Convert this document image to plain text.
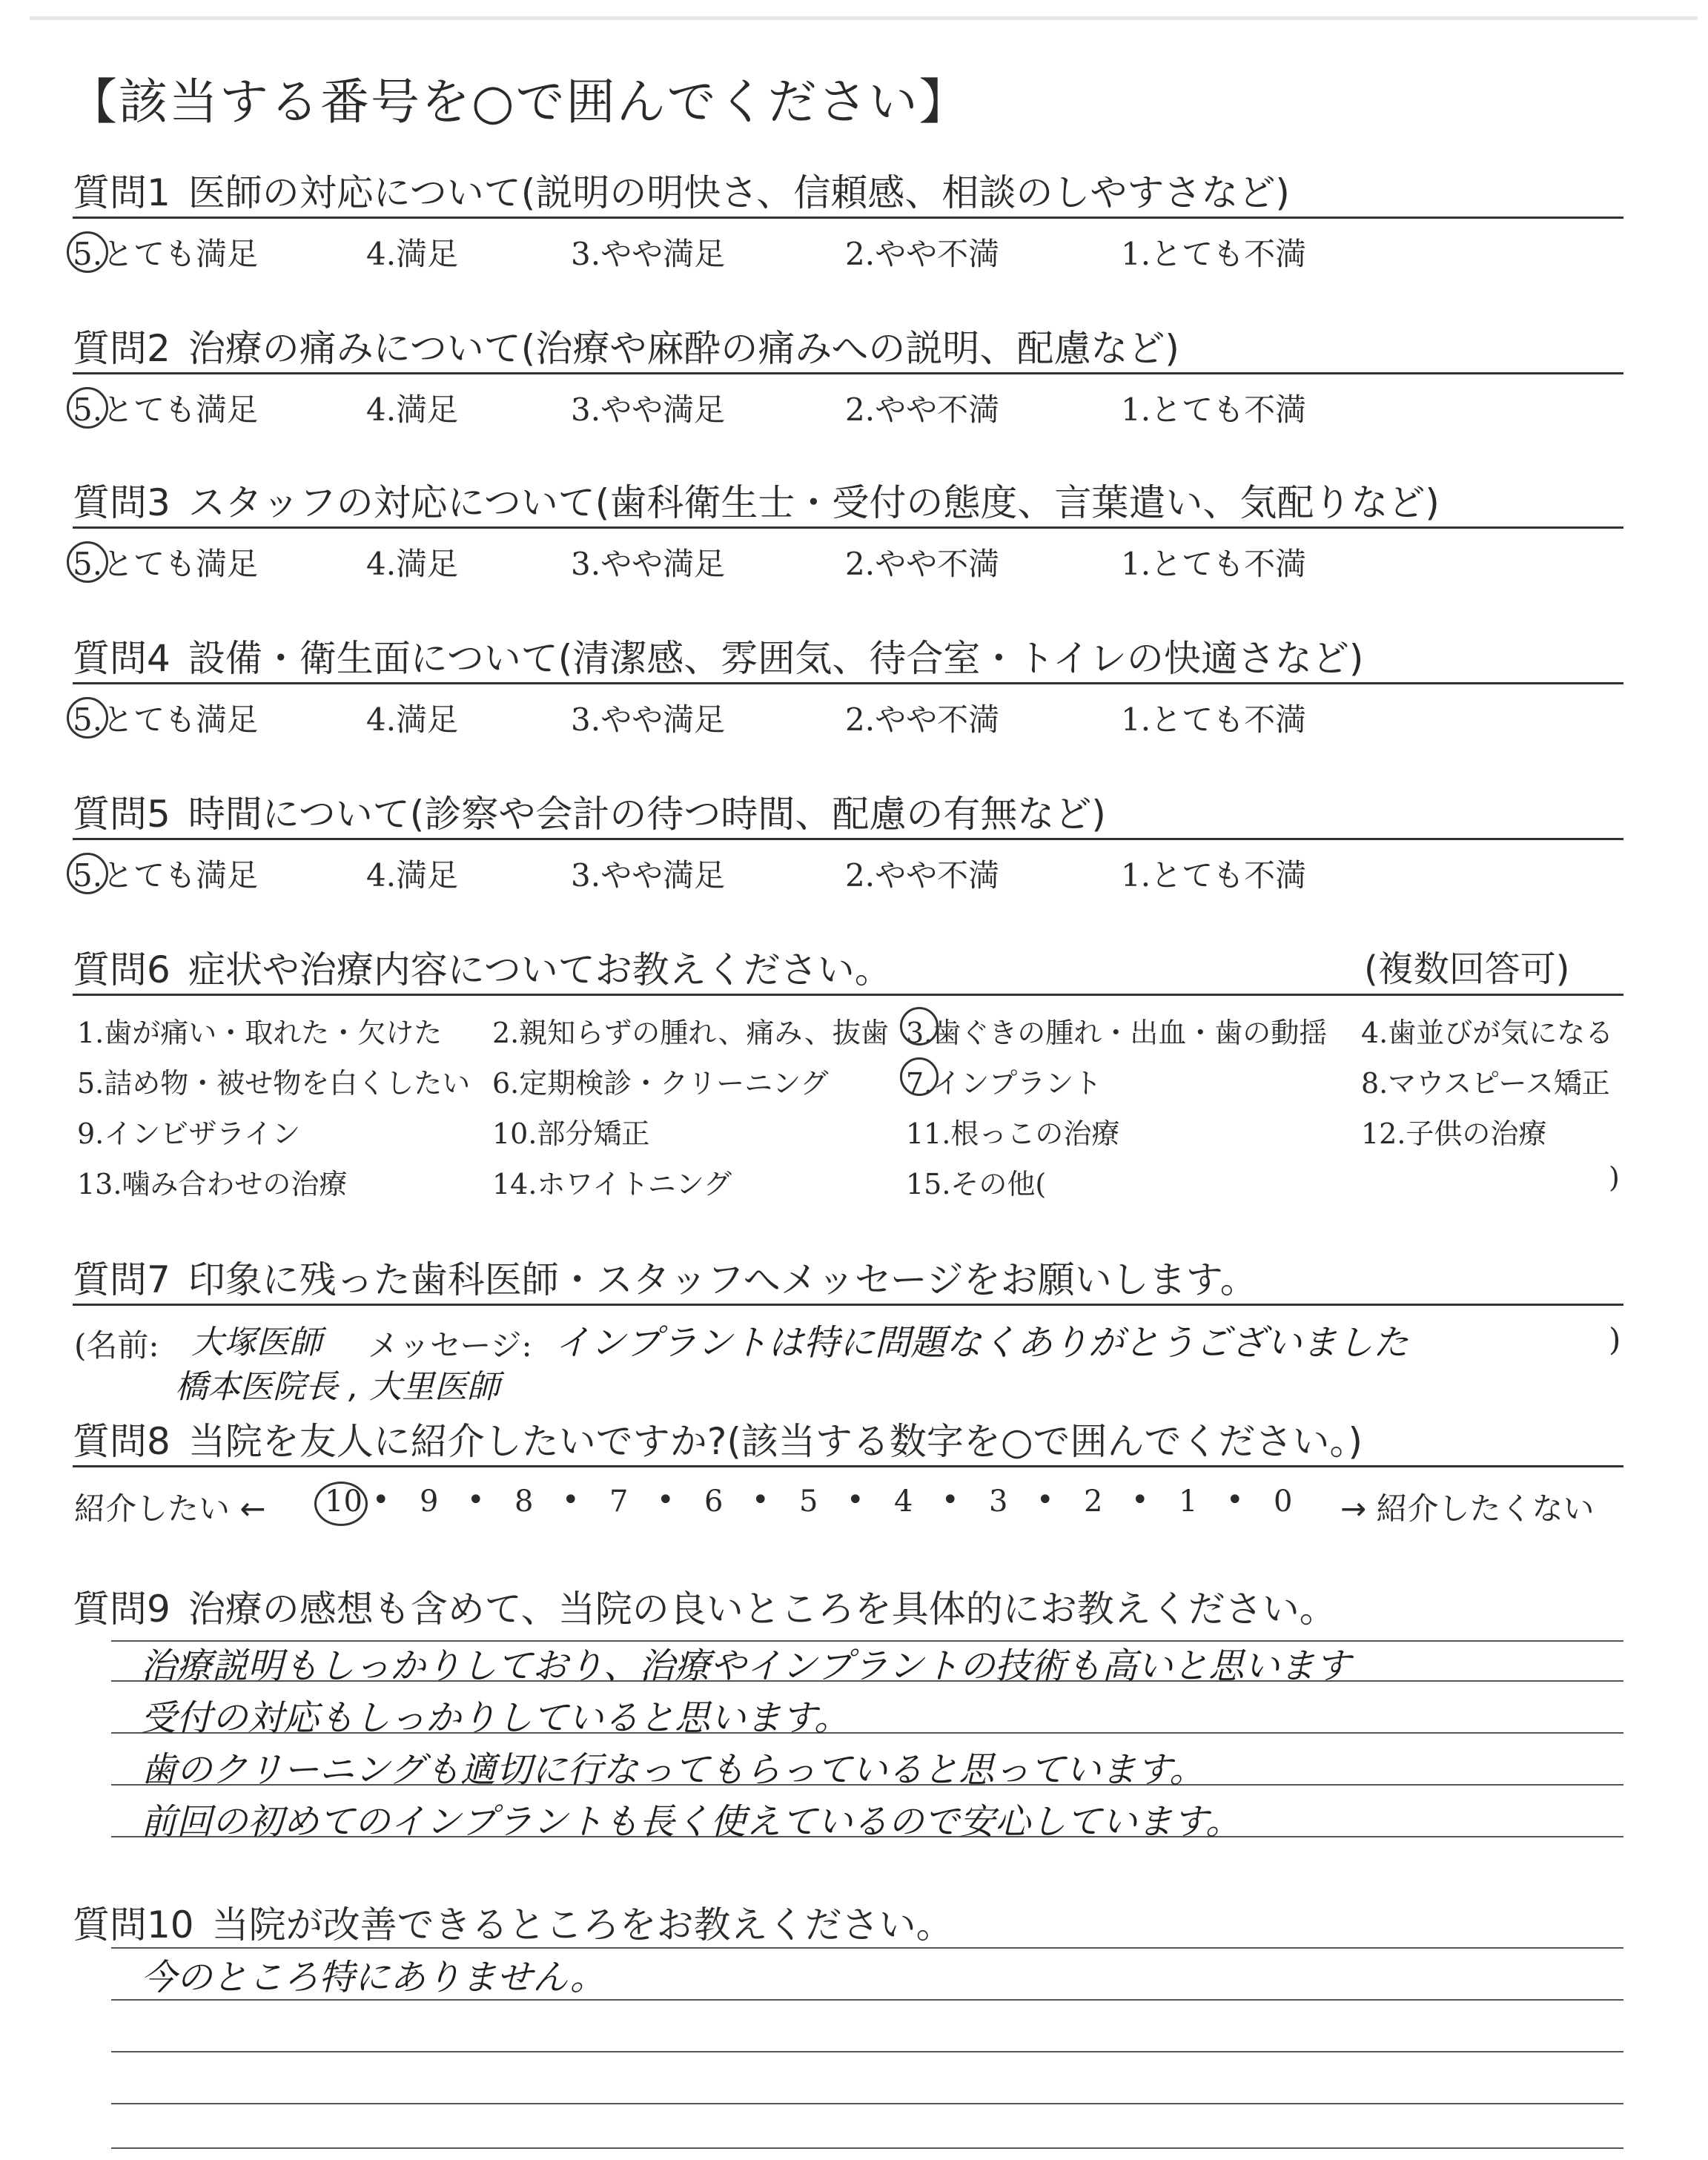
【該当する番号を○で囲んでください】
質問1 医師の対応について(説明の明快さ、信頼感、相談のしやすさなど)
5.とても満足	4.満足	3.やや満足	2.やや不満	1.とても不満
質問2 治療の痛みについて(治療や麻酔の痛みへの説明、配慮など)
5.とても満足	4.満足	3.やや満足	2.やや不満	1.とても不満
質問3 スタッフの対応について(歯科衛生士・受付の態度、言葉遣い、気配りなど)
5.とても満足	4.満足	3.やや満足	2.やや不満	1.とても不満
質問4 設備・衛生面について(清潔感、雰囲気、待合室・トイレの快適さなど)
5.とても満足	4.満足	3.やや満足	2.やや不満	1.とても不満
質問5 時間について(診察や会計の待つ時間、配慮の有無など)
5.とても満足	4.満足	3.やや満足	2.やや不満	1.とても不満
質問6 症状や治療内容についてお教えください。	(複数回答可)
1.歯が痛い・取れた・欠けた 2.親知らずの腫れ、痛み、抜歯 3.歯ぐきの腫れ・出血・歯の動揺 4.歯並びが気になる
5.詰め物・被せ物を白くしたい 6.定期検診・クリーニング	7.インプラント	8.マウスピース矯正
9.インビザライン	10.部分矯正	11.根っこの治療	12.子供の治療
13.噛み合わせの治療	14.ホワイトニング	15.その他(	)
質問7 印象に残った歯科医師・スタッフへメッセージをお願いします。
(名前: 大塚医師 メッセージ: インプラントは特に問題なくありがとうございました	)
橋本医院長 , 大里医師
質問8 当院を友人に紹介したいですか?(該当する数字を○で囲んでください。)
紹介したい ← 10 • 9 • 8 • 7 • 6 • 5 • 4 • 3 • 2 • 1 • 0 → 紹介したくない
質問9 治療の感想も含めて、当院の良いところを具体的にお教えください。
治療説明もしっかりしており、治療やインプラントの技術も高いと思います
受付の対応もしっかりしていると思います。
歯のクリーニングも適切に行なってもらっていると思っています。
前回の初めてのインプラントも長く使えているので安心しています。
質問10 当院が改善できるところをお教えください。
今のところ特にありません。
